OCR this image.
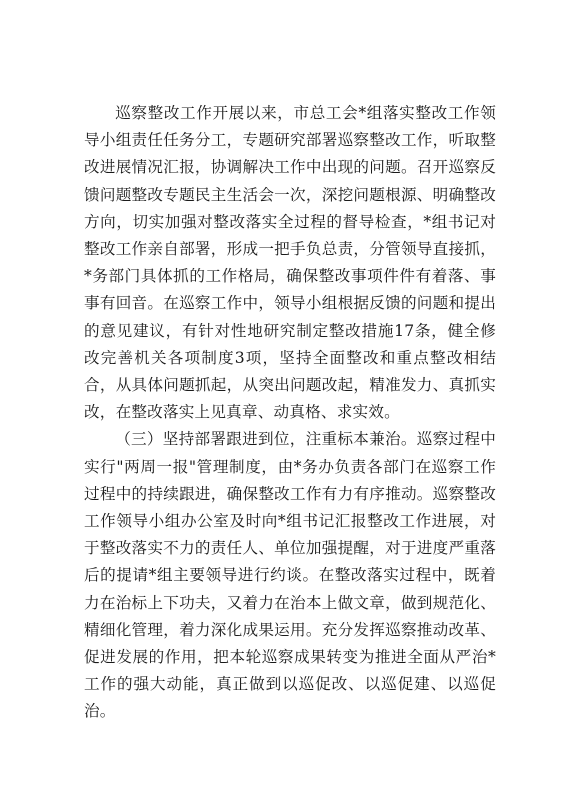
巡察整改工作开展以来，市总工会*组落实整改工作领导小组责任任务分工，专题研究部署巡察整改工作，听取整改进展情况汇报，协调解决工作中出现的问题。召开巡察反馈问题整改专题民主生活会一次，深挖问题根源、明确整改方向，切实加强对整改落实全过程的督导检查，*组书记对整改工作亲自部署，形成一把手负总责，分管领导直接抓，*务部门具体抓的工作格局，确保整改事项件件有着落、事事有回音。在巡察工作中，领导小组根据反馈的问题和提出的意见建议，有针对性地研究制定整改措施17条，健全修改完善机关各项制度3项，坚持全面整改和重点整改相结合，从具体问题抓起，从突出问题改起，精准发力、真抓实改，在整改落实上见真章、动真格、求实效。

（三）坚持部署跟进到位，注重标本兼治。巡察过程中实行"两周一报"管理制度，由*务办负责各部门在巡察工作过程中的持续跟进，确保整改工作有力有序推动。巡察整改工作领导小组办公室及时向*组书记汇报整改工作进展，对于整改落实不力的责任人、单位加强提醒，对于进度严重落后的提请*组主要领导进行约谈。在整改落实过程中，既着力在治标上下功夫，又着力在治本上做文章，做到规范化、精细化管理，着力深化成果运用。充分发挥巡察推动改革、促进发展的作用，把本轮巡察成果转变为推进全面从严治*工作的强大动能，真正做到以巡促改、以巡促建、以巡促治。
